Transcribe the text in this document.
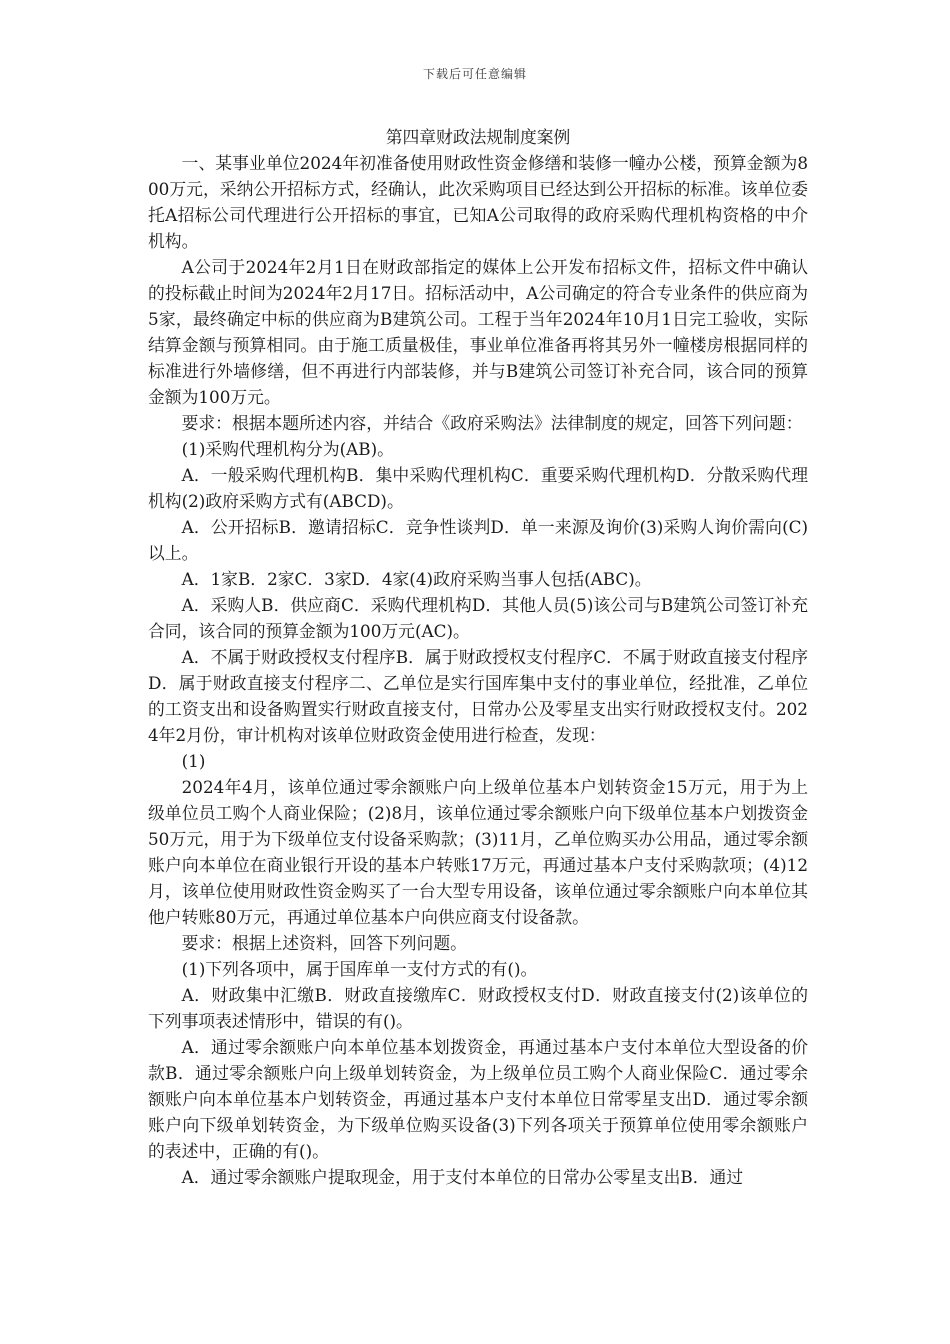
下载后可任意编辑
第四章财政法规制度案例

一、某事业单位2024年初准备使用财政性资金修缮和装修一幢办公楼，预算金额为800万元，采纳公开招标方式，经确认，此次采购项目已经达到公开招标的标准。该单位委托A招标公司代理进行公开招标的事宜，已知A公司取得的政府采购代理机构资格的中介机构。

A公司于2024年2月1日在财政部指定的媒体上公开发布招标文件，招标文件中确认的投标截止时间为2024年2月17日。招标活动中，A公司确定的符合专业条件的供应商为5家，最终确定中标的供应商为B建筑公司。工程于当年2024年10月1日完工验收，实际结算金额与预算相同。由于施工质量极佳，事业单位准备再将其另外一幢楼房根据同样的标准进行外墙修缮，但不再进行内部装修，并与B建筑公司签订补充合同，该合同的预算金额为100万元。

要求：根据本题所述内容，并结合《政府采购法》法律制度的规定，回答下列问题：

(1)采购代理机构分为(AB)。

A．一般采购代理机构B．集中采购代理机构C．重要采购代理机构D．分散采购代理机构(2)政府采购方式有(ABCD)。

A．公开招标B．邀请招标C．竞争性谈判D．单一来源及询价(3)采购人询价需向(C)以上。

A．1家B．2家C．3家D．4家(4)政府采购当事人包括(ABC)。

A．采购人B．供应商C．采购代理机构D．其他人员(5)该公司与B建筑公司签订补充合同，该合同的预算金额为100万元(AC)。

A．不属于财政授权支付程序B．属于财政授权支付程序C．不属于财政直接支付程序D．属于财政直接支付程序二、乙单位是实行国库集中支付的事业单位，经批准，乙单位的工资支出和设备购置实行财政直接支付，日常办公及零星支出实行财政授权支付。2024年2月份，审计机构对该单位财政资金使用进行检查，发现：

(1)

2024年4月，该单位通过零余额账户向上级单位基本户划转资金15万元，用于为上级单位员工购个人商业保险；(2)8月，该单位通过零余额账户向下级单位基本户划拨资金50万元，用于为下级单位支付设备采购款；(3)11月，乙单位购买办公用品，通过零余额账户向本单位在商业银行开设的基本户转账17万元，再通过基本户支付采购款项；(4)12月，该单位使用财政性资金购买了一台大型专用设备，该单位通过零余额账户向本单位其他户转账80万元，再通过单位基本户向供应商支付设备款。

要求：根据上述资料，回答下列问题。

(1)下列各项中，属于国库单一支付方式的有()。

A．财政集中汇缴B．财政直接缴库C．财政授权支付D．财政直接支付(2)该单位的下列事项表述情形中，错误的有()。

A．通过零余额账户向本单位基本划拨资金，再通过基本户支付本单位大型设备的价款B．通过零余额账户向上级单划转资金，为上级单位员工购个人商业保险C．通过零余额账户向本单位基本户划转资金，再通过基本户支付本单位日常零星支出D．通过零余额账户向下级单划转资金，为下级单位购买设备(3)下列各项关于预算单位使用零余额账户的表述中，正确的有()。

A．通过零余额账户提取现金，用于支付本单位的日常办公零星支出B．通过
